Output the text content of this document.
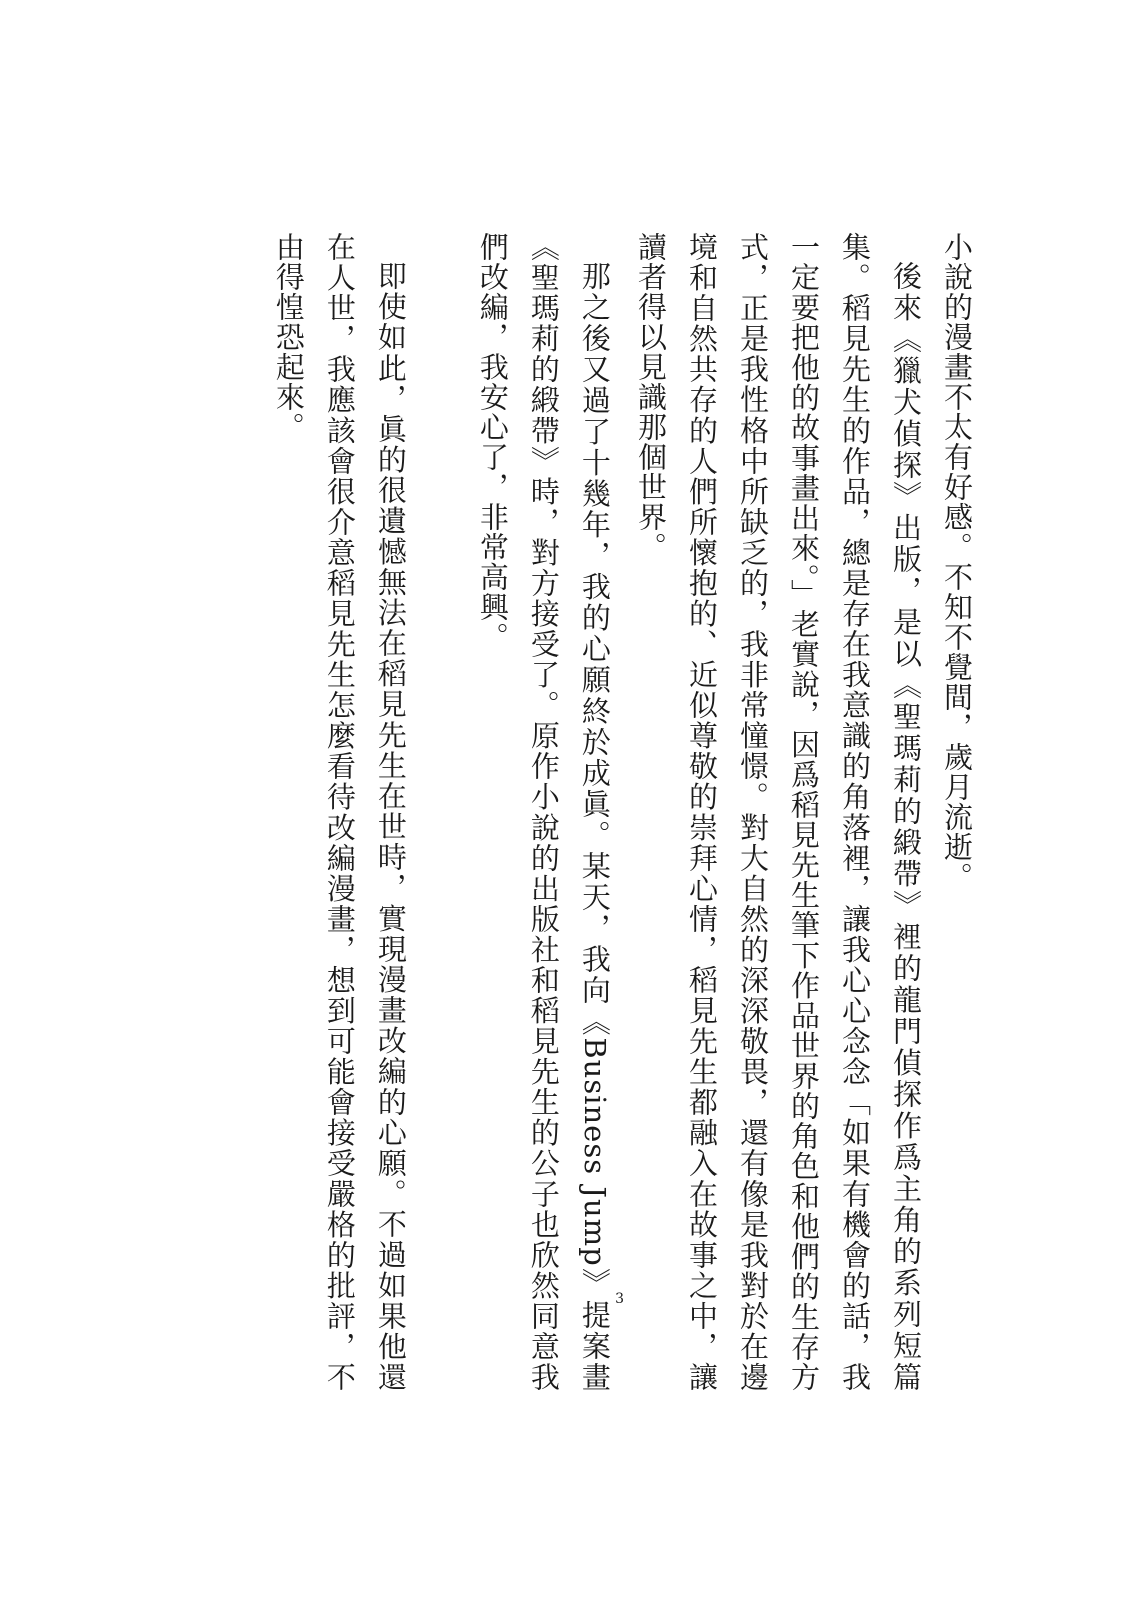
小說的漫畫不太有好感。不知不覺間，歲月流逝。

後來《獵犬偵探》出版，是以《聖瑪莉的緞帶》裡的龍門偵探作爲主角的系列短篇集。稻見先生的作品，總是存在我意識的角落裡，讓我心心念念「如果有機會的話，我一定要把他的故事畫出來。」老實說，因爲稻見先生筆下作品世界的角色和他們的生存方式，正是我性格中所缺乏的，我非常憧憬。對大自然的深深敬畏，還有像是我對於在邊境和自然共存的人們所懷抱的、近似尊敬的崇拜心情，稻見先生都融入在故事之中，讓讀者得以見識那個世界。

那之後又過了十幾年，我的心願終於成眞。某天，我向《Business Jump》 $^3$提案畫《聖瑪莉的緞帶》時，對方接受了。原作小說的出版社和稻見先生的公子也欣然同意我們改編，我安心了，非常高興。

即使如此，眞的很遺憾無法在稻見先生在世時，實現漫畫改編的心願。不過如果他還在人世，我應該會很介意稻見先生怎麼看待改編漫畫，想到可能會接受嚴格的批評，不由得惶恐起來。
